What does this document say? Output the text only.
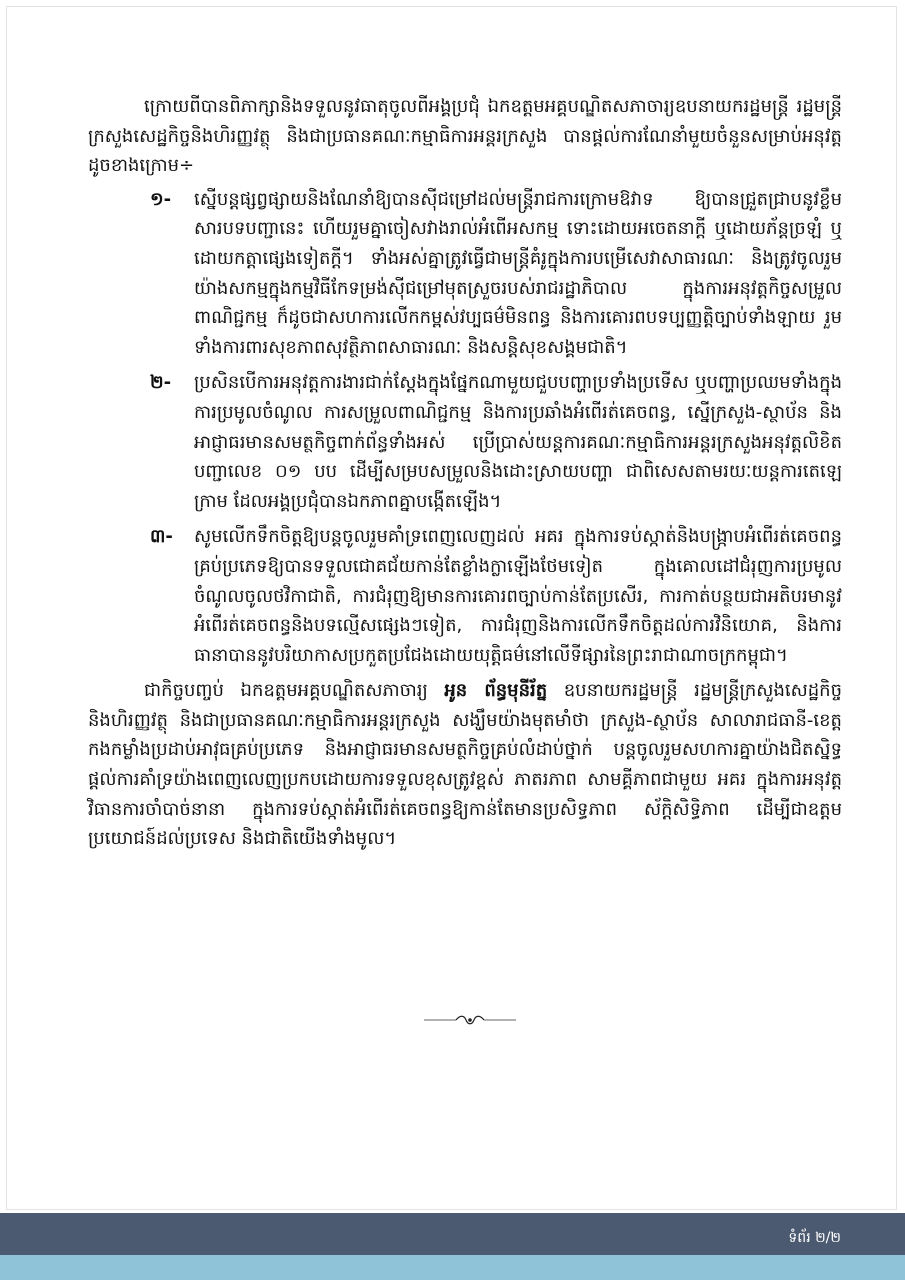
ក្រោយពីបានពិភាក្សានិងទទួលនូវធាតុចូលពីអង្គប្រជុំ ឯកឧត្តមអគ្គបណ្ឌិតសភាចារ្យឧបនាយករដ្ឋមន្ត្រី រដ្ឋមន្ត្រីក្រសួងសេដ្ឋកិច្ចនិងហិរញ្ញវត្ថុ និងជាប្រធានគណៈកម្មាធិការអន្តរក្រសួង បានផ្តល់ការណែនាំមួយចំនួនសម្រាប់អនុវត្ត ដូចខាងក្រោម÷

១- ស្នើបន្តផ្សព្វផ្សាយនិងណែនាំឱ្យបានស៊ីជម្រៅដល់មន្ត្រីរាជការក្រោមឱវាទ ឱ្យបានជ្រួតជ្រាបនូវខ្លឹមសារបទបញ្ជានេះ ហើយរួមគ្នាចៀសវាងរាល់អំពើអសកម្ម ទោះដោយអចេតនាក្តី ឬដោយភ័ន្តច្រឡំ ឬដោយកត្តាផ្សេងទៀតក្តី។ ទាំងអស់គ្នាត្រូវធ្វើជាមន្ត្រីគំរូក្នុងការបម្រើសេវាសាធារណៈ និងត្រូវចូលរួមយ៉ាងសកម្មក្នុងកម្មវិធីកែទម្រង់ស៊ីជម្រៅមុតស្រួចរបស់រាជរដ្ឋាភិបាល ក្នុងការអនុវត្តកិច្ចសម្រួលពាណិជ្ជកម្ម ក៏ដូចជាសហការលើកកម្ពស់វប្បធម៌មិនពន្ធ និងការគោរពបទប្បញ្ញត្តិច្បាប់ទាំងឡាយ រួមទាំងការពារសុខភាពសុវត្ថិភាពសាធារណៈ និងសន្តិសុខសង្គមជាតិ។
២- ប្រសិនបើការអនុវត្តការងារជាក់ស្តែងក្នុងផ្នែកណាមួយជួបបញ្ហាប្រទាំងប្រទើស ឬបញ្ហាប្រឈមទាំងក្នុងការប្រមូលចំណូល ការសម្រួលពាណិជ្ជកម្ម និងការប្រឆាំងអំពើរត់គេចពន្ធ, ស្នើក្រសួង-ស្ថាប័ន និងអាជ្ញាធរមានសមត្ថកិច្ចពាក់ព័ន្ធទាំងអស់ ប្រើប្រាស់យន្តការគណៈកម្មាធិការអន្តរក្រសួងអនុវត្តលិខិតបញ្ជាលេខ ០១ បប ដើម្បីសម្របសម្រួលនិងដោះស្រាយបញ្ហា ជាពិសេសតាមរយៈយន្តការតេឡេក្រាម ដែលអង្គប្រជុំបានឯកភាពគ្នាបង្កើតឡើង។
៣- សូមលើកទឹកចិត្តឱ្យបន្តចូលរួមគាំទ្រពេញលេញដល់ អគរ ក្នុងការទប់ស្កាត់និងបង្ក្រាបអំពើរត់គេចពន្ធគ្រប់ប្រភេទឱ្យបានទទួលជោគជ័យកាន់តែខ្លាំងក្លាឡើងថែមទៀត ក្នុងគោលដៅជំរុញការប្រមូលចំណូលចូលថវិកាជាតិ, ការជំរុញឱ្យមានការគោរពច្បាប់កាន់តែប្រសើរ, ការកាត់បន្ថយជាអតិបរមានូវអំពើរត់គេចពន្ធនិងបទល្មើសផ្សេងៗទៀត, ការជំរុញនិងការលើកទឹកចិត្តដល់ការវិនិយោគ, និងការធានាបាននូវបរិយាកាសប្រកួតប្រជែងដោយយុត្តិធម៌នៅលើទីផ្សារនៃព្រះរាជាណាចក្រកម្ពុជា។

ជាកិច្ចបញ្ចប់ ឯកឧត្តមអគ្គបណ្ឌិតសភាចារ្យ អូន ព័ន្ធមុនីរ័ត្ន ឧបនាយករដ្ឋមន្ត្រី រដ្ឋមន្ត្រីក្រសួងសេដ្ឋកិច្ចនិងហិរញ្ញវត្ថុ និងជាប្រធានគណៈកម្មាធិការអន្តរក្រសួង សង្ឃឹមយ៉ាងមុតមាំថា ក្រសួង-ស្ថាប័ន សាលារាជធានី-ខេត្ត កងកម្លាំងប្រដាប់អាវុធគ្រប់ប្រភេទ និងអាជ្ញាធរមានសមត្ថកិច្ចគ្រប់លំដាប់ថ្នាក់ បន្តចូលរួមសហការគ្នាយ៉ាងជិតស្និទ្ធ ផ្តល់ការគាំទ្រយ៉ាងពេញលេញប្រកបដោយការទទួលខុសត្រូវខ្ពស់ ភាតរភាព សាមគ្គីភាពជាមួយ អគរ ក្នុងការអនុវត្តវិធានការចាំបាច់នានា ក្នុងការទប់ស្កាត់អំពើរត់គេចពន្ធឱ្យកាន់តែមានប្រសិទ្ធភាព ស័ក្តិសិទ្ធិភាព ដើម្បីជាឧត្តមប្រយោជន៍ដល់ប្រទេស និងជាតិយើងទាំងមូល។

ទំព័រ ២/២
